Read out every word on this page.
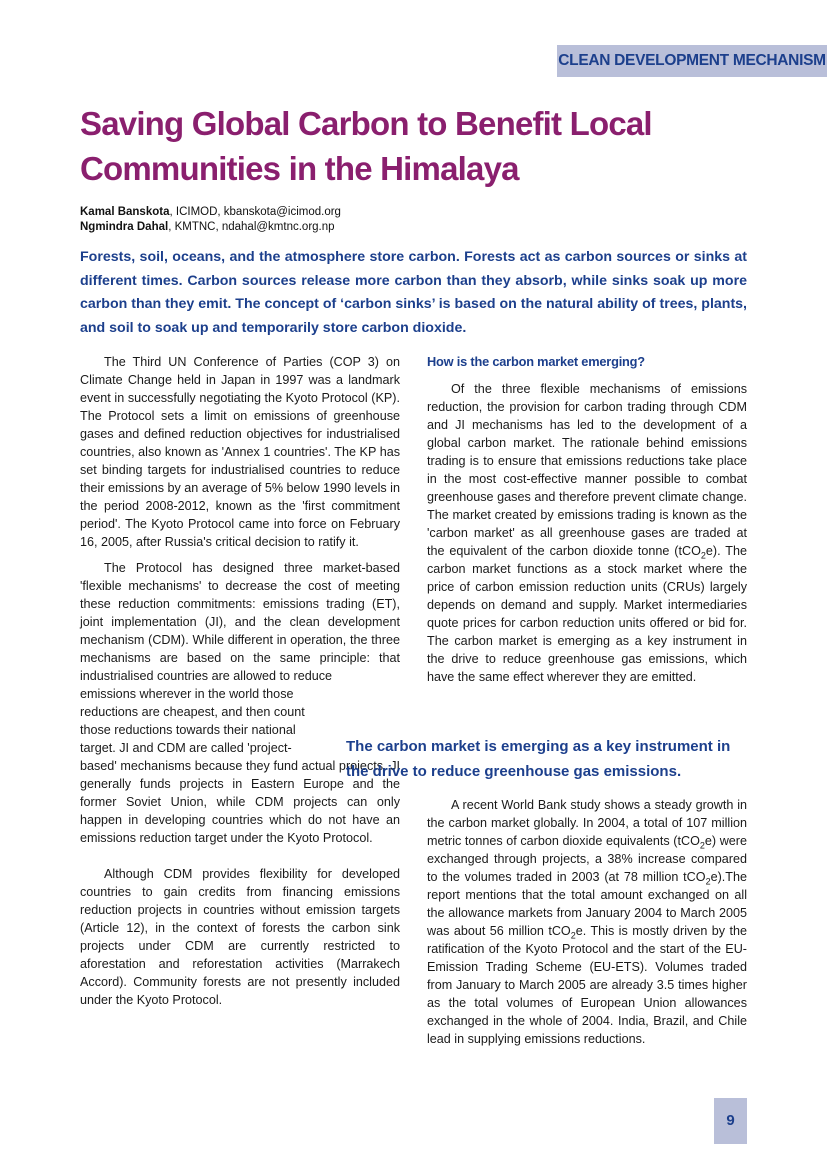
CLEAN DEVELOPMENT MECHANISM
Saving Global Carbon to Benefit Local Communities in the Himalaya
Kamal Banskota, ICIMOD, kbanskota@icimod.org
Ngmindra Dahal, KMTNC, ndahal@kmtnc.org.np

Forests, soil, oceans, and the atmosphere store carbon. Forests act as carbon sources or sinks at different times. Carbon sources release more carbon than they absorb, while sinks soak up more carbon than they emit. The concept of ‘carbon sinks’ is based on the natural ability of trees, plants, and soil to soak up and temporarily store carbon dioxide.

The Third UN Conference of Parties (COP 3) on Climate Change held in Japan in 1997 was a landmark event in successfully negotiating the Kyoto Protocol (KP). The Protocol sets a limit on emissions of greenhouse gases and defined reduction objectives for industrialised countries, also known as 'Annex 1 countries'. The KP has set binding targets for industrialised countries to reduce their emissions by an average of 5% below 1990 levels in the period 2008-2012, known as the 'first commitment period'. The Kyoto Protocol came into force on February 16, 2005, after Russia's critical decision to ratify it.

The Protocol has designed three market-based 'flexible mechanisms' to decrease the cost of meeting these reduction commitments: emissions trading (ET), joint implementation (JI), and the clean development mechanism (CDM). While different in operation, the three mechanisms are based on the same principle: that industrialised countries are allowed to reduce

emissions wherever in the world those reductions are cheapest, and then count those reductions towards their national target. JI and CDM are called 'project-
based' mechanisms because they fund actual projects. JI generally funds projects in Eastern Europe and the former Soviet Union, while CDM projects can only happen in developing countries which do not have an emissions reduction target under the Kyoto Protocol.

Although CDM provides flexibility for developed countries to gain credits from financing emissions reduction projects in countries without emission targets (Article 12), in the context of forests the carbon sink projects under CDM are currently restricted to aforestation and reforestation activities (Marrakech Accord). Community forests are not presently included under the Kyoto Protocol.

How is the carbon market emerging?

Of the three flexible mechanisms of emissions reduction, the provision for carbon trading through CDM and JI mechanisms has led to the development of a global carbon market. The rationale behind emissions trading is to ensure that emissions reductions take place in the most cost-effective manner possible to combat greenhouse gases and therefore prevent climate change. The market created by emissions trading is known as the 'carbon market' as all greenhouse gases are traded at the equivalent of the carbon dioxide tonne (tCO$_2$e). The carbon market functions as a stock market where the price of carbon emission reduction units (CRUs) largely depends on demand and supply. Market intermediaries quote prices for carbon reduction units offered or bid for. The carbon market is emerging as a key instrument in the drive to reduce greenhouse gas emissions, which have the same effect wherever they are emitted.

The carbon market is emerging as a key instrument in the drive to reduce greenhouse gas emissions.

A recent World Bank study shows a steady growth in the carbon market globally. In 2004, a total of 107 million metric tonnes of carbon dioxide equivalents (tCO$_2$e) were exchanged through projects, a 38% increase compared to the volumes traded in 2003 (at 78 million tCO$_2$e).The report mentions that the total amount exchanged on all the allowance markets from January 2004 to March 2005 was about 56 million tCO$_2$e. This is mostly driven by the ratification of the Kyoto Protocol and the start of the EU-Emission Trading Scheme (EU-ETS). Volumes traded from January to March 2005 are already 3.5 times higher as the total volumes of European Union allowances exchanged in the whole of 2004. India, Brazil, and Chile lead in supplying emissions reductions.

9
